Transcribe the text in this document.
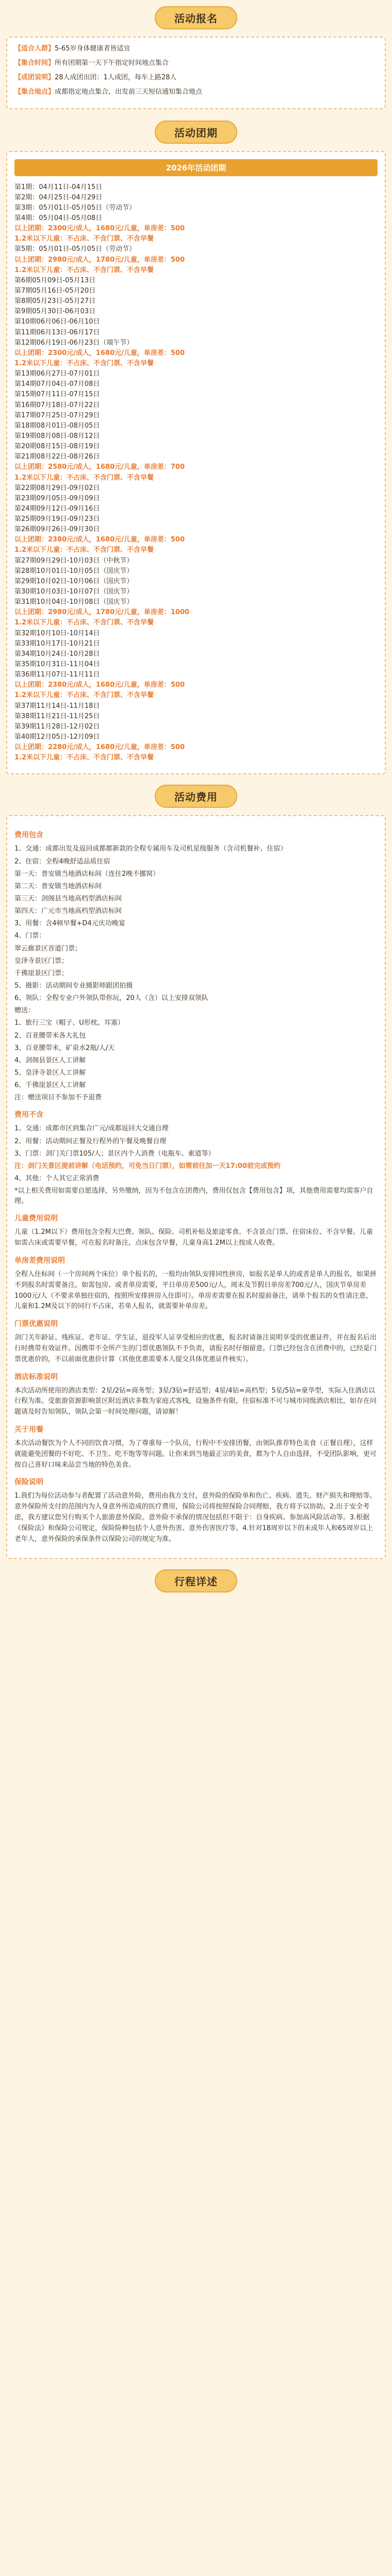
活动报名
【适合人群】5-65岁身体健康者皆适宜
【集合时间】所有团期第一天下午指定时间地点集合
【成团说明】28人成团出团：1人成团，每车上路28人
【集合地点】成都指定地点集合，出发前三天短信通知集合地点
活动团期
2026年活动团期
第1期：04月11日-04月15日
第2期：04月25日-04月29日
第3期：05月01日-05月05日（劳动节）
第4期：05月04日-05月08日
以上团期：2300元/成人，1680元/儿童，单房差：500
1.2米以下儿童：不占床、不含门票、不含早餐
第5期：05月01日-05月05日（劳动节）
以上团期：2980元/成人，1780元/儿童，单房差：500
1.2米以下儿童：不占床、不含门票、不含早餐
第6期05月09日-05月13日
第7期05月16日-05月20日
第8期05月23日-05月27日
第9期05月30日-06月03日
第10期06月06日-06月10日
第11期06月13日-06月17日
第12期06月19日-06月23日（端午节）
以上团期：2300元/成人，1680元/儿童，单房差：500
1.2米以下儿童：不占床、不含门票、不含早餐
第13期06月27日-07月01日
第14期07月04日-07月08日
第15期07月11日-07月15日
第16期07月18日-07月22日
第17期07月25日-07月29日
第18期08月01日-08月05日
第19期08月08日-08月12日
第20期08月15日-08月19日
第21期08月22日-08月26日
以上团期：2580元/成人，1680元/儿童，单房差：700
1.2米以下儿童：不占床、不含门票、不含早餐
第22期08月29日-09月02日
第23期09月05日-09月09日
第24期09月12日-09月16日
第25期09月19日-09月23日
第26期09月26日-09月30日
以上团期：2380元/成人，1680元/儿童，单房差：500
1.2米以下儿童：不占床、不含门票、不含早餐
第27期09月29日-10月03日（中秋节）
第28期10月01日-10月05日（国庆节）
第29期10月02日-10月06日（国庆节）
第30期10月03日-10月07日（国庆节）
第31期10月04日-10月08日（国庆节）
以上团期：2980元/成人，1780元/儿童，单房差：1000
1.2米以下儿童：不占床、不含门票、不含早餐
第32期10月10日-10月14日
第33期10月17日-10月21日
第34期10月24日-10月28日
第35期10月31日-11月04日
第36期11月07日-11月11日
以上团期：2380元/成人，1680元/儿童，单房差：500
1.2米以下儿童：不占床、不含门票、不含早餐
第37期11月14日-11月18日
第38期11月21日-11月25日
第39期11月28日-12月02日
第40期12月05日-12月09日
以上团期：2280元/成人，1680元/儿童，单房差：500
1.2米以下儿童：不占床、不含门票、不含早餐
活动费用
费用包含
1、交通：成都出发及返回成都都新款的全程专属用车及司机星级服务（含司机餐补、住宿）
2、住宿：全程4晚舒适品质住宿
第一天：普安镇当地酒店标间（连住2晚不挪窝）
第二天：普安镇当地酒店标间
第三天：剑阁县当地高档型酒店标间
第四天：广元市当地高档型酒店标间
3、用餐：含4顿早餐+D4元庆功晚宴
4、门票：
翠云廊景区首道门票；
皇泽寺景区门票；
千佛崖景区门票；
5、摄影：活动期间专业摄影师跟团拍摄
6、领队：全程专业户外领队带你玩，20人（含）以上安排双领队
赠送：
1、旅行三宝（帽子、U形枕、耳塞）
2、百亚腰带米各大礼包
3、百亚腰带米，矿泉水2瓶/人/天
4、剑阁县景区人工讲解
5、皇泽寺景区人工讲解
6、千佛崖景区人工讲解
注：赠送项目不参加不予退费
费用不含
1、交通：成都市区到集合广元/成都返回大交通自理
2、用餐：活动期间正餐及行程外的午餐及晚餐自理
3、门票：剑门关门票105/人；景区内个人消费（电瓶车、索道等）
注：剑门关景区提前讲解（电话预约，可免当日门票），如需前往加一天17:00前完成预约
4、其他：个人其它正常消费
*以上相关费用如需要自愿选择，另外缴纳，因为不包含在团费内，费用仅包含【费用包含】项，其他费用需要均需客户自理。
儿童费用说明
儿童（1.2M以下）费用包含全程大巴费、领队、保险、司机补贴及旅途零食。不含景点门票、住宿床位、不含早餐。儿童如需占床或需要早餐，可在报名时备注，点床包含早餐，儿童身高1.2M以上按成人收费。
单房差费用说明
全程入住标间（一个房间两个床位）单个报名的，一般均由领队安排同性拼房，如报名是单人的或者是单人的报名，如果拼不到报名时需要备注。如需包房、或者单房需要，平日单房差500元/人，周末及节假日单房差700元/人，国庆节单房差1000元/人（不要求单独住宿的，按照所安排拼房入住即可）。单房差需要在报名时提前备注，请单个报名的女性请注意，儿童和1.2M及以下的同行不占床，若单人报名，就需要补单房差。
门票优惠说明
剑门关年龄证、残疾证、老年证、学生证，退役军人证享受相应的优惠，报名时请备注说明享受的优惠证件，并在报名后出行时携带有效证件。因携带不全所产生的门票优惠领队不予负责，请报名时仔细留意。门票已经包含在团费中的，已经是门票优惠价的，不以前面优惠价计算（其他优惠需要本人提交具体优惠证件核实）。
酒店标准说明
本次活动所使用的酒店类型：2星/2钻=商务型；3星/3钻=舒适型；4星/4钻=高档型；5星/5钻=豪华型，实际入住酒店以行程为准。受旅游资源影响景区附近酒店多数为家庭式客栈，设施条件有限，住宿标准不可与城市同级酒店相比，如存在问题请及时告知领队，领队会第一时间处理问题，请谅解！
关于用餐
本次活动餐饮为个人不同的饮食习惯，为了尊重每一个队员，行程中不安排团餐，由领队推荐特色美食（正餐自理），这样就能避免团餐的不好吃、不卫生、吃不饱等等问题。让你来到当地最正宗的美食，都为个人自由选择，不受团队影响，更可按自己喜好口味来品尝当地的特色美食。
保险说明
1.我们为每位活动参与者配置了活动意外险，费用由我方支付，意外险的保险单和伤亡、疾病、遗失、财产损失和理赔等。意外保险所支付的范围内为人身意外所造成的医疗费用，保险公司将按照保险合同理赔，我方将予以协助。2.出于安全考虑，我方建议您另行购买个人旅游意外保险。意外险不承保的情况包括但不限于：自身疾病、参加高风险活动等。3.根据《保险法》和保险公司规定，保险险种包括个人意外伤害、意外伤害医疗等。4.针对18周岁以下的未成年人和65周岁以上老年人，意外保险的承保条件以保险公司的规定为准。
行程详述
